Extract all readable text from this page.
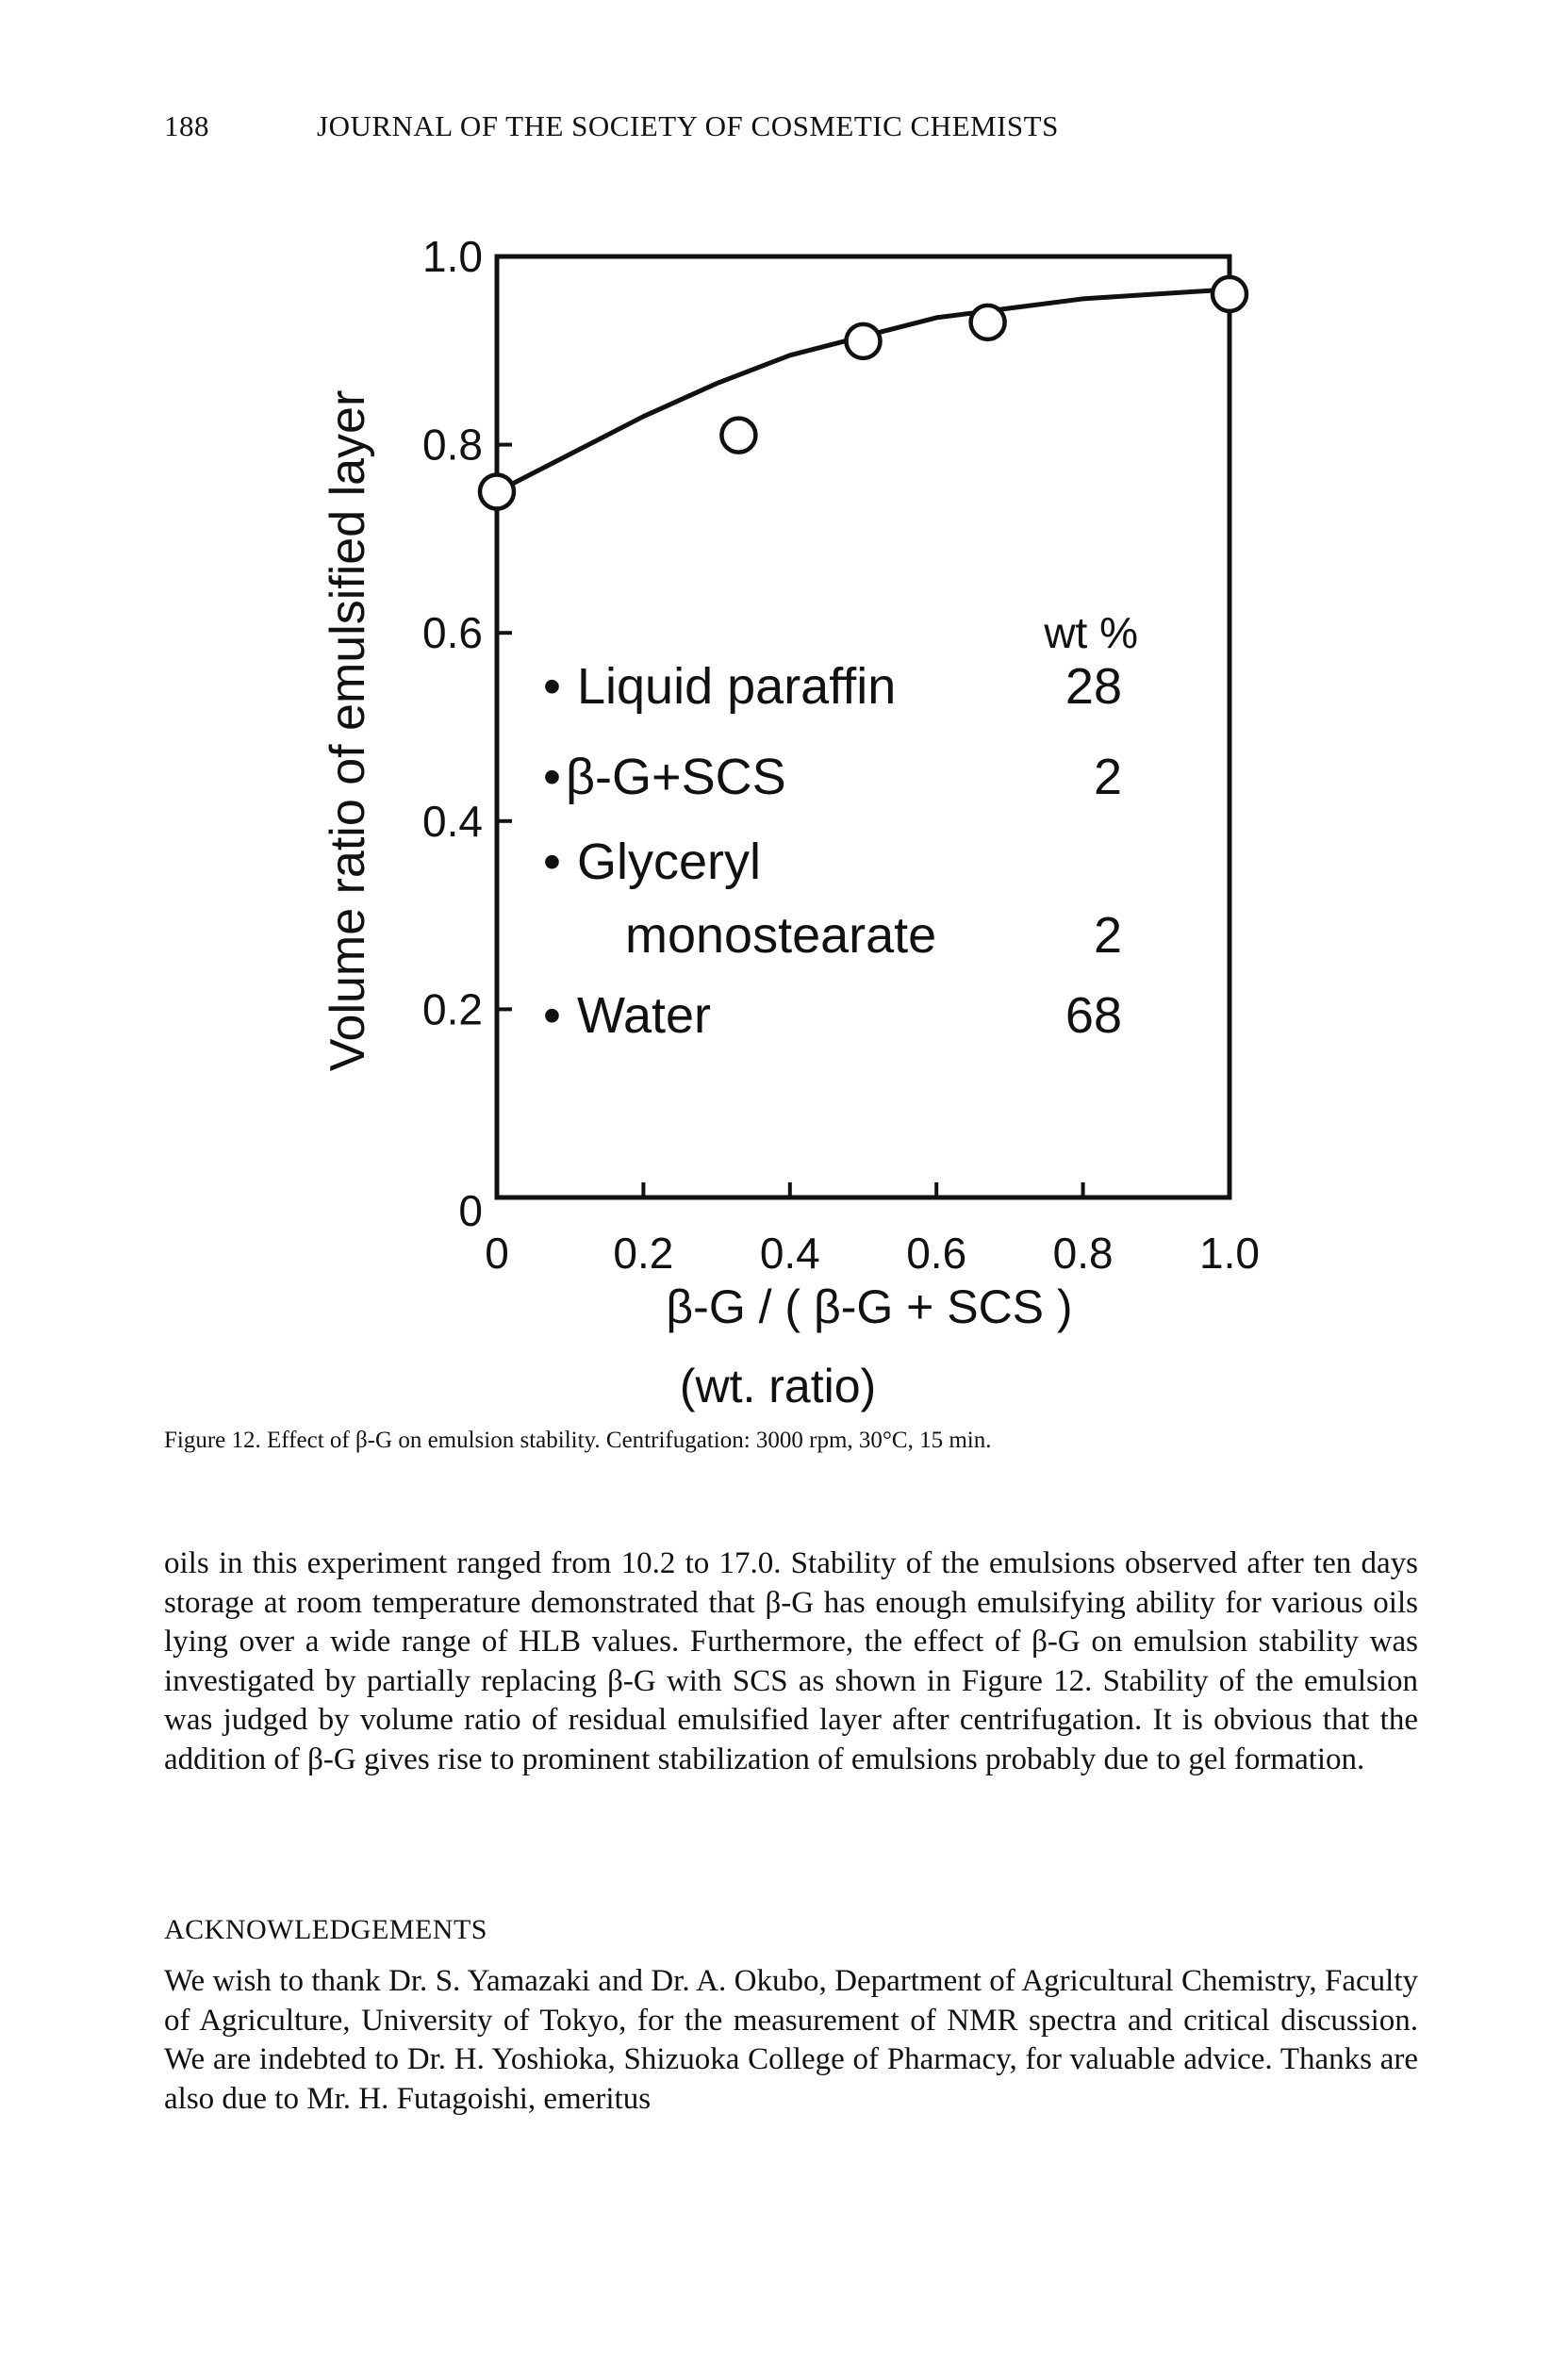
188	JOURNAL OF THE SOCIETY OF COSMETIC CHEMISTS
0 0.2 0.4 0.6 0.8 1.0
0
0.2
0.4
0.6
0.8
1.0
Volume ratio of emulsified layer
β-G / ( β-G + SCS )
(wt. ratio)
wt %
• Liquid paraffin	28
• β-G+SCS	2
• Glyceryl
monostearate	2
• Water	68
Figure 12. Effect of β-G on emulsion stability. Centrifugation: 3000 rpm, 30°C, 15 min.
oils in this experiment ranged from 10.2 to 17.0. Stability of the emulsions observed after ten days storage at room temperature demonstrated that β-G has enough emulsifying ability for various oils lying over a wide range of HLB values. Furthermore, the effect of β-G on emulsion stability was investigated by partially replacing β-G with SCS as shown in Figure 12. Stability of the emulsion was judged by volume ratio of residual emulsified layer after centrifugation. It is obvious that the addition of β-G gives rise to prominent stabilization of emulsions probably due to gel formation.
ACKNOWLEDGEMENTS
We wish to thank Dr. S. Yamazaki and Dr. A. Okubo, Department of Agricultural Chemistry, Faculty of Agriculture, University of Tokyo, for the measurement of NMR spectra and critical discussion. We are indebted to Dr. H. Yoshioka, Shizuoka College of Pharmacy, for valuable advice. Thanks are also due to Mr. H. Futagoishi, emeritus
